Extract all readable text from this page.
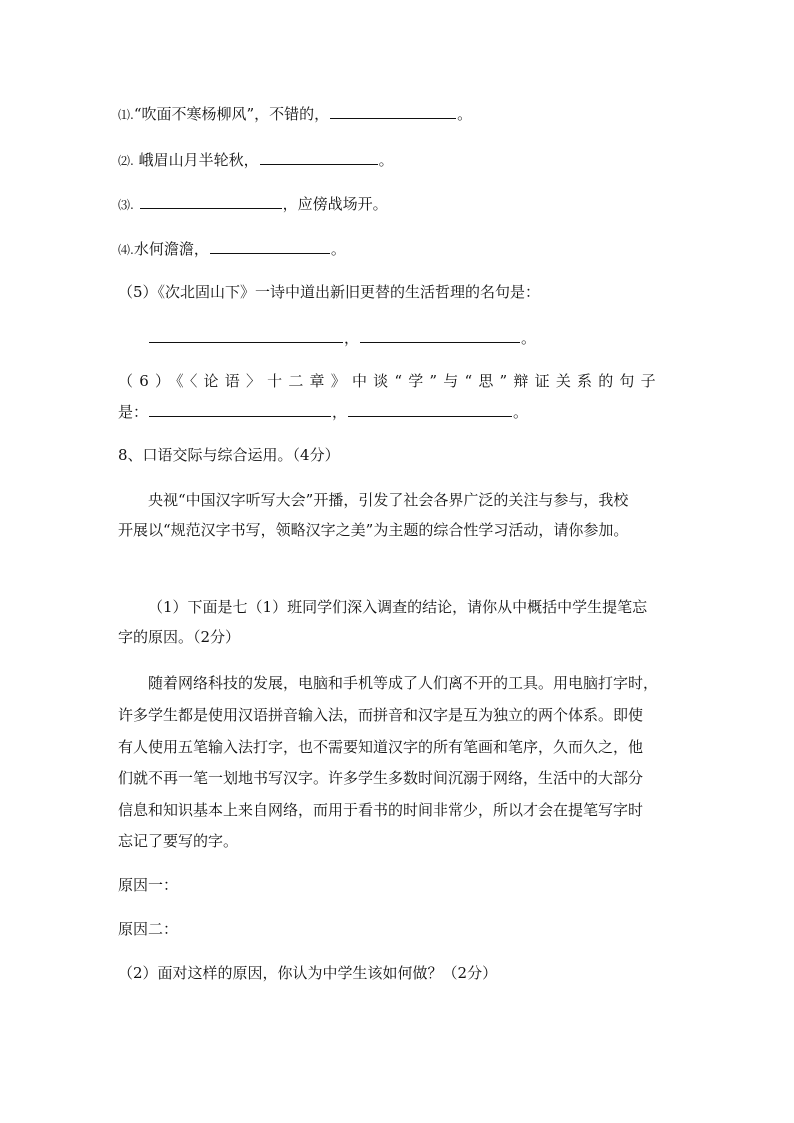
⑴.“吹面不寒杨柳风”，不错的，	。
⑵. 峨眉山月半轮秋，	。
⑶.	，应傍战场开。
⑷.水何澹澹，	。
（5）《次北固山下》一诗中道出新旧更替的生活哲理的名句是：
，	。
（6）《〈论语〉十二章》中谈“学”与“思”辩证关系的句子
是：	，	。
8、口语交际与综合运用。（4分）
央视“中国汉字听写大会”开播，引发了社会各界广泛的关注与参与，我校
开展以“规范汉字书写，领略汉字之美”为主题的综合性学习活动，请你参加。
（1）下面是七（1）班同学们深入调查的结论，请你从中概括中学生提笔忘
字的原因。（2分）
随着网络科技的发展，电脑和手机等成了人们离不开的工具。用电脑打字时，
许多学生都是使用汉语拼音输入法，而拼音和汉字是互为独立的两个体系。即使
有人使用五笔输入法打字，也不需要知道汉字的所有笔画和笔序，久而久之，他
们就不再一笔一划地书写汉字。许多学生多数时间沉溺于网络，生活中的大部分
信息和知识基本上来自网络，而用于看书的时间非常少，所以才会在提笔写字时
忘记了要写的字。
原因一：
原因二：
（2）面对这样的原因，你认为中学生该如何做？（2分）
